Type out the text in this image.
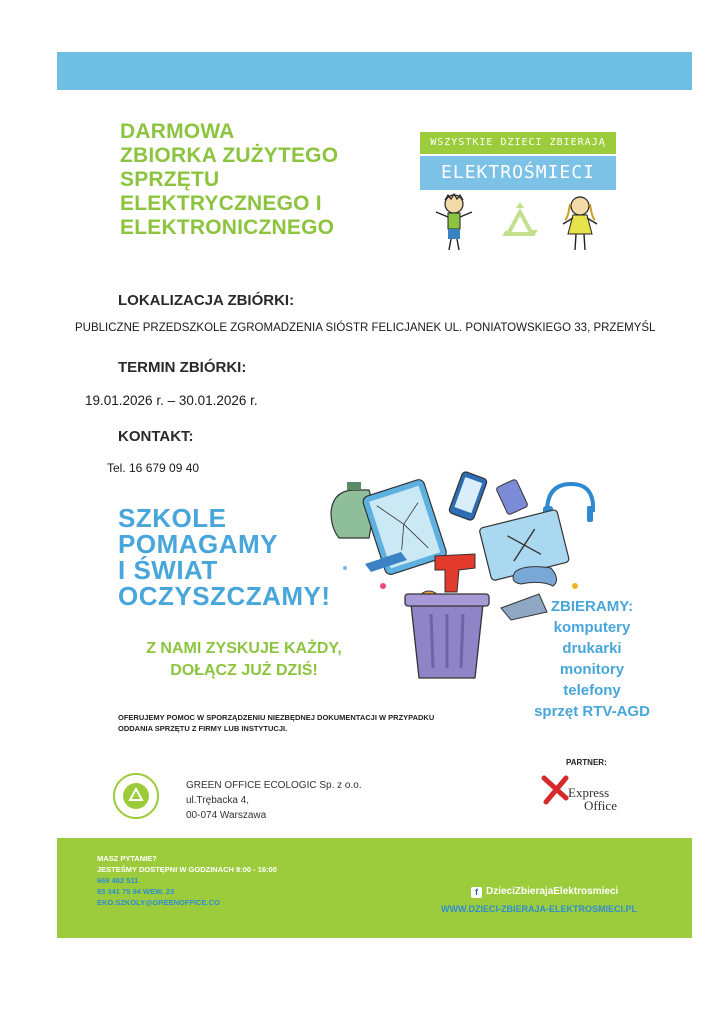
DARMOWA
ZBIORKA ZUŻYTEGO
SPRZĘTU
ELEKTRYCZNEGO I
ELEKTRONICZNEGO
WSZYSTKIE DZIECI ZBIERAJĄ
ELEKTROŚMIECI
LOKALIZACJA ZBIÓRKI:
PUBLICZNE PRZEDSZKOLE ZGROMADZENIA SIÓSTR FELICJANEK UL. PONIATOWSKIEGO 33, PRZEMYŚL
TERMIN ZBIÓRKI:
19.01.2026 r. – 30.01.2026 r.
KONTAKT:
Tel. 16 679 09 40
SZKOLE
POMAGAMY
I ŚWIAT
OCZYSZCZAMY!
Z NAMI ZYSKUJE KAŻDY,
DOŁĄCZ JUŻ DZIŚ!
ZBIERAMY:
komputery
drukarki
monitory
telefony
sprzęt RTV-AGD
OFERUJEMY POMOC W SPORZĄDZENIU NIEZBĘDNEJ DOKUMENTACJI W PRZYPADKU
ODDANIA SPRZĘTU Z FIRMY LUB INSTYTUCJI.
GREEN OFFICE ECOLOGIC Sp. z o.o.
ul.Trębacka 4,
00-074 Warszawa
PARTNER:
Express
Office
MASZ PYTANIE?
JESTEŚMY DOSTĘPNI W GODZINACH 8:00 - 16:00
669 482 511
83 341 75 94 WEW. 23
EKO.SZKOLY@GREENOFFICE.CO
f DzieciZbierajaElektrosmieci
WWW.DZIECI-ZBIERAJA-ELEKTROSMIECI.PL
